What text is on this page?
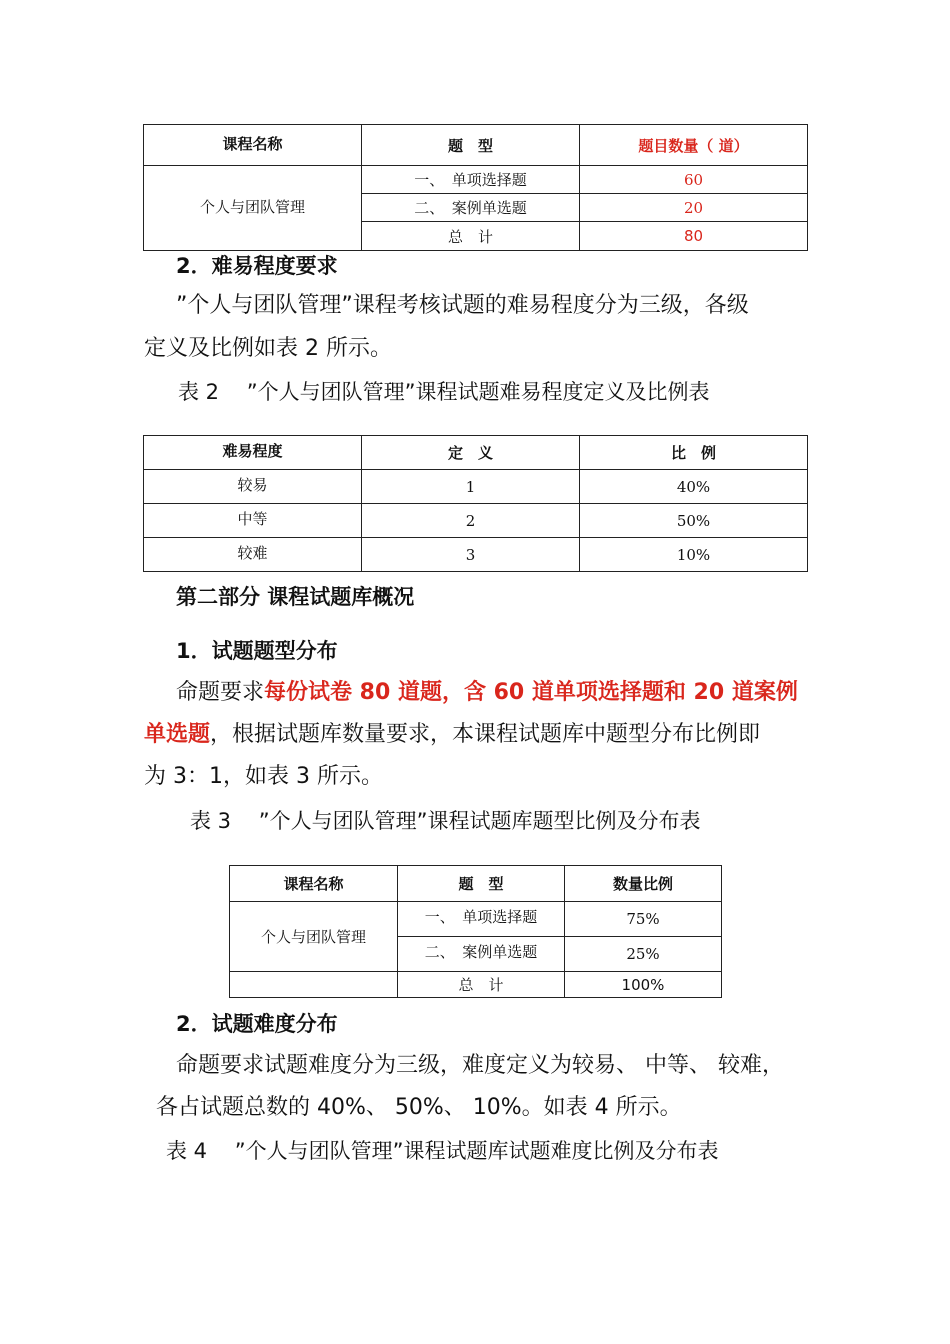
课程名称	题　型	题目数量（ 道）
个人与团队管理	一、　单项选择题	60
	二、　案例单选题	20
	总　计	80
2．难易程度要求
”个人与团队管理”课程考核试题的难易程度分为三级，各级
定义及比例如表 2 所示。
表 2　 ”个人与团队管理”课程试题难易程度定义及比例表
难易程度	定　义	比　例
较易	1	40%
中等	2	50%
较难	3	10%
第二部分 课程试题库概况
1．试题题型分布
命题要求每份试卷 80 道题，含 60 道单项选择题和 20 道案例
单选题，根据试题库数量要求，本课程试题库中题型分布比例即
为 3：1，如表 3 所示。
表 3　 ”个人与团队管理”课程试题库题型比例及分布表
课程名称	题　型	数量比例
个人与团队管理	一、　单项选择题	75%
	二、　案例单选题	25%
	总　计	100%
2．试题难度分布
命题要求试题难度分为三级，难度定义为较易、 中等、 较难，
各占试题总数的 40%、 50%、 10%。如表 4 所示。
表 4　 ”个人与团队管理”课程试题库试题难度比例及分布表
